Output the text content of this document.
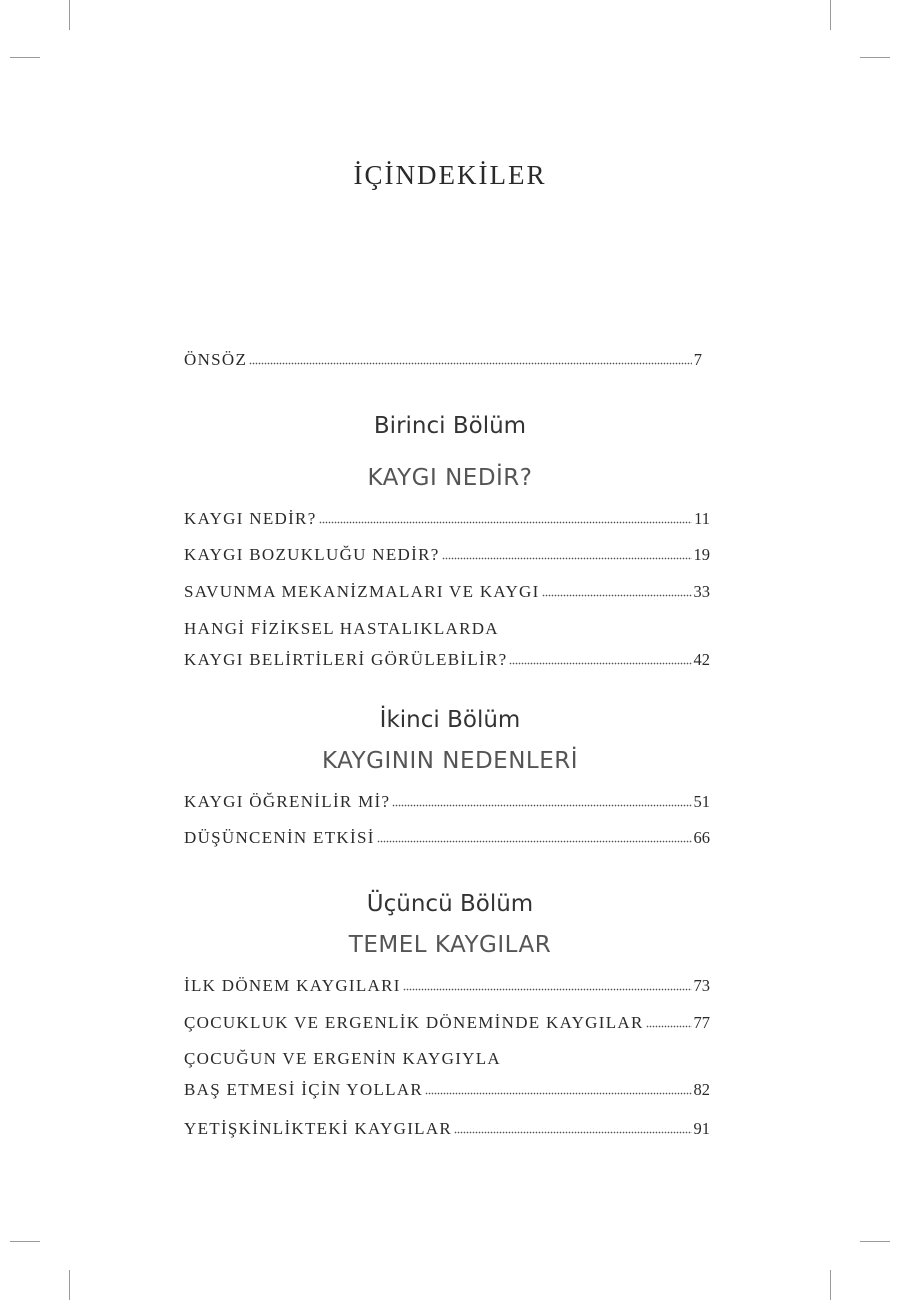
İÇİNDEKİLER
ÖNSÖZ	7
Birinci Bölüm
KAYGI NEDİR?
KAYGI NEDİR?	11
KAYGI BOZUKLUĞU NEDİR?	19
SAVUNMA MEKANİZMALARI VE KAYGI	33
HANGİ FİZİKSEL HASTALIKLARDA
KAYGI BELİRTİLERİ GÖRÜLEBİLİR?	42
İkinci Bölüm
KAYGININ NEDENLERİ
KAYGI ÖĞRENİLİR Mİ?	51
DÜŞÜNCENİN ETKİSİ	66
Üçüncü Bölüm
TEMEL KAYGILAR
İLK DÖNEM KAYGILARI	73
ÇOCUKLUK VE ERGENLİK DÖNEMİNDE KAYGILAR	77
ÇOCUĞUN VE ERGENİN KAYGIYLA
BAŞ ETMESİ İÇİN YOLLAR	82
YETİŞKİNLİKTEKİ KAYGILAR	91
